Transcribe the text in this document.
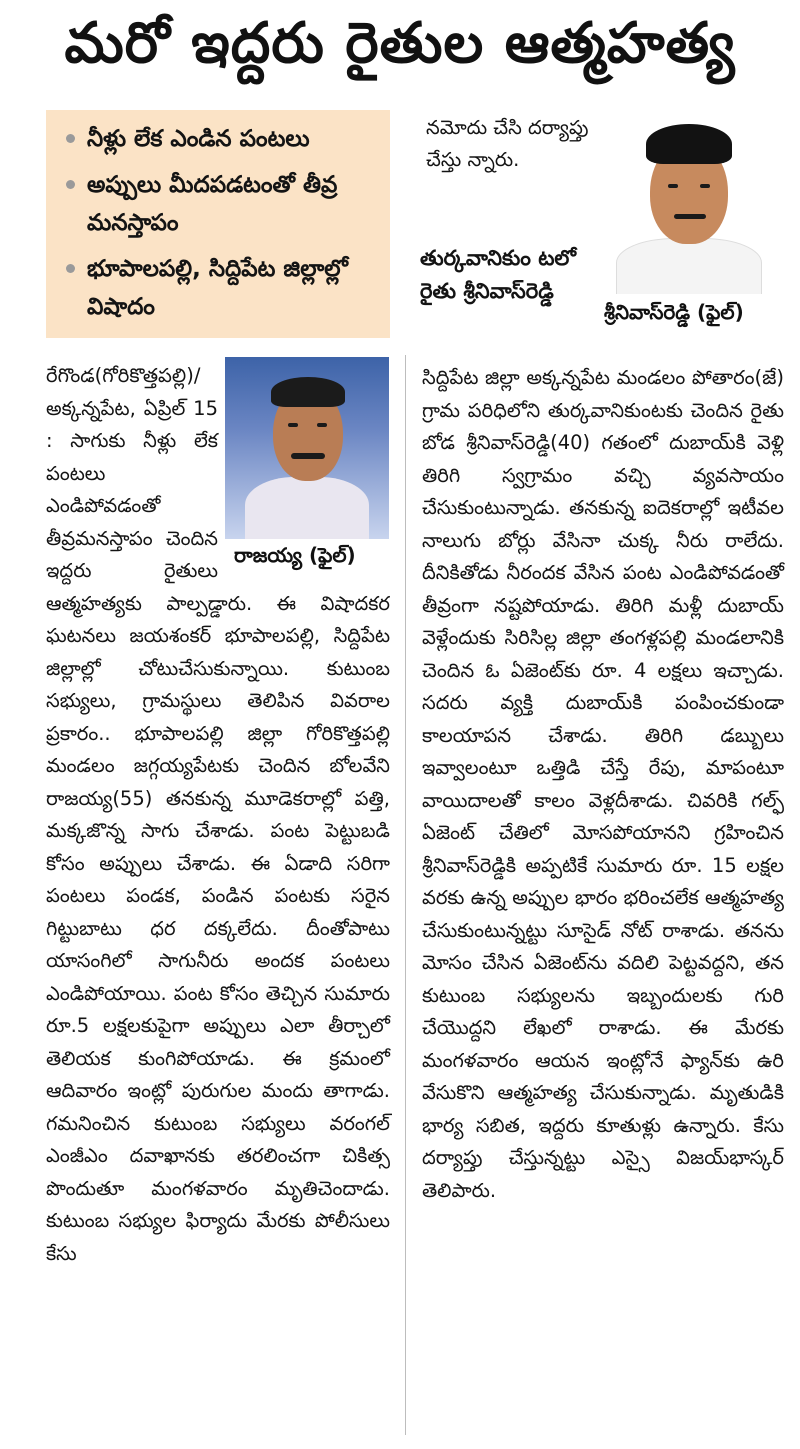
మరో ఇద్దరు రైతుల ఆత్మహత్య
నీళ్లు లేక ఎండిన పంటలు
అప్పులు మీదపడటంతో తీవ్ర మనస్తాపం
భూపాలపల్లి, సిద్దిపేట జిల్లాల్లో విషాదం

నమోదు చేసి దర్యాప్తు చేస్తు న్నారు.

తుర్కవానికుం టలో రైతు శ్రీనివాస్‌రెడ్డి
రాజయ్య (ఫైల్)
శ్రీనివాస్‌రెడ్డి (ఫైల్)

రేగొండ(గోరికొత్తపల్లి)/అక్కన్నపేట, ఏప్రిల్‌ 15 : సాగుకు నీళ్లు లేక పంటలు ఎండిపోవడంతో తీవ్రమనస్తాపం చెందిన ఇద్దరు రైతులు ఆత్మహత్యకు పాల్పడ్డారు. ఈ విషాదకర ఘటనలు జయశంకర్‌ భూపాలపల్లి, సిద్దిపేట జిల్లాల్లో చోటుచేసుకున్నాయి. కుటుంబ సభ్యులు, గ్రామస్థులు తెలిపిన వివరాల ప్రకారం.. భూపాలపల్లి జిల్లా గోరికొత్తపల్లి మండలం జగ్గయ్యపేటకు చెందిన బోలవేని రాజయ్య(55) తనకున్న మూడెకరాల్లో పత్తి, మక్కజొన్న సాగు చేశాడు. పంట పెట్టుబడి కోసం అప్పులు చేశాడు. ఈ ఏడాది సరిగా పంటలు పండక, పండిన పంటకు సరైన గిట్టుబాటు ధర దక్కలేదు. దీంతోపాటు యాసంగిలో సాగునీరు అందక పంటలు ఎండిపోయాయి. పంట కోసం తెచ్చిన సుమారు రూ.5 లక్షలకుపైగా అప్పులు ఎలా తీర్చాలో తెలియక కుంగిపోయాడు. ఈ క్రమంలో ఆదివారం ఇంట్లో పురుగుల మందు తాగాడు. గమనించిన కుటుంబ సభ్యులు వరంగల్‌ ఎంజీఎం దవాఖానకు తరలించగా చికిత్స పొందుతూ మంగళవారం మృతిచెందాడు. కుటుంబ సభ్యుల ఫిర్యాదు మేరకు పోలీసులు కేసు

సిద్దిపేట జిల్లా అక్కన్నపేట మండలం పోతారం(జే) గ్రామ పరిధిలోని తుర్కవానికుంటకు చెందిన రైతు బోడ శ్రీనివాస్‌రెడ్డి(40) గతంలో దుబాయ్‌కి వెళ్లి తిరిగి స్వగ్రామం వచ్చి వ్యవసాయం చేసుకుంటున్నాడు. తనకున్న ఐదెకరాల్లో ఇటీవల నాలుగు బోర్లు వేసినా చుక్క నీరు రాలేదు. దీనికితోడు నీరందక వేసిన పంట ఎండిపోవడంతో తీవ్రంగా నష్టపోయాడు. తిరిగి మళ్లీ దుబాయ్‌ వెళ్లేందుకు సిరిసిల్ల జిల్లా తంగళ్లపల్లి మండలానికి చెందిన ఓ ఏజెంట్‌కు రూ. 4 లక్షలు ఇచ్చాడు. సదరు వ్యక్తి దుబాయ్‌కి పంపించకుండా కాలయాపన చేశాడు. తిరిగి డబ్బులు ఇవ్వాలంటూ ఒత్తిడి చేస్తే రేపు, మాపంటూ వాయిదాలతో కాలం వెళ్లదీశాడు. చివరికి గల్ఫ్‌ ఏజెంట్‌ చేతిలో మోసపోయానని గ్రహించిన శ్రీనివాస్‌రెడ్డికి అప్పటికే సుమారు రూ. 15 లక్షల వరకు ఉన్న అప్పుల భారం భరించలేక ఆత్మహత్య చేసుకుంటున్నట్టు సూసైడ్‌ నోట్‌ రాశాడు. తనను మోసం చేసిన ఏజెంట్‌ను వదిలి పెట్టవద్దని, తన కుటుంబ సభ్యులను ఇబ్బందులకు గురి చేయొద్దని లేఖలో రాశాడు. ఈ మేరకు మంగళవారం ఆయన ఇంట్లోనే ఫ్యాన్‌కు ఉరి వేసుకొని ఆత్మహత్య చేసుకున్నాడు. మృతుడికి భార్య సబిత, ఇద్దరు కూతుళ్లు ఉన్నారు. కేసు దర్యాప్తు చేస్తున్నట్టు ఎస్సై విజయ్‌భాస్కర్‌ తెలిపారు.
